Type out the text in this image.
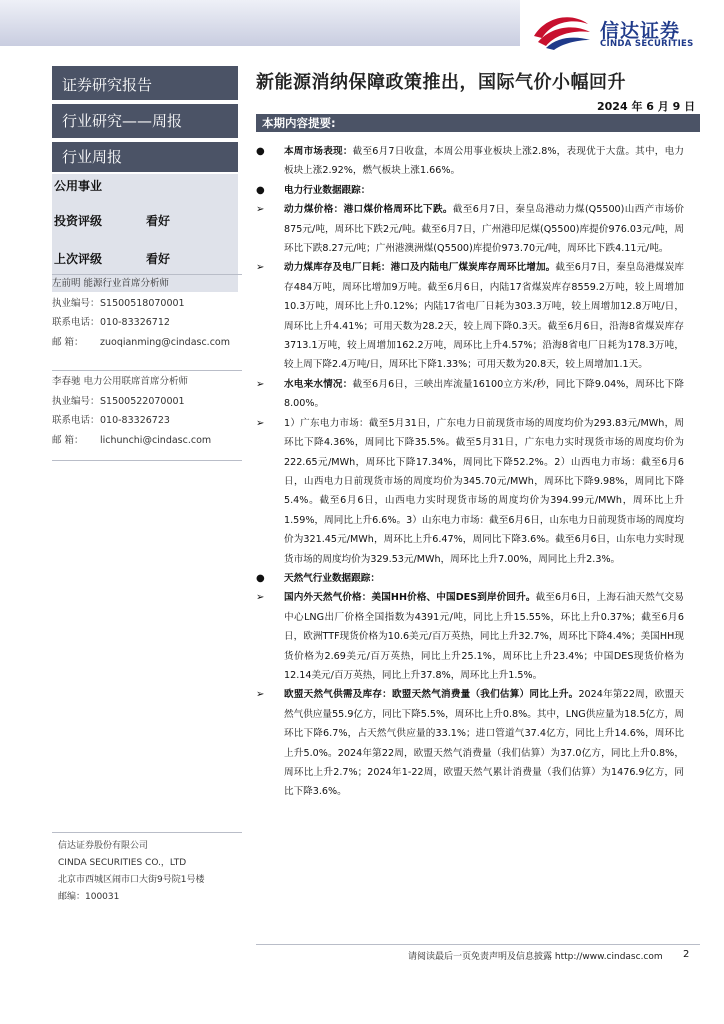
信达证券
CINDA SECURITIES
证券研究报告
行业研究——周报
行业周报
公用事业
投资评级	看好
上次评级	看好
左前明 能源行业首席分析师
执业编号：S1500518070001
联系电话：010-83326712
邮 箱： zuoqianming@cindasc.com
李春驰 电力公用联席首席分析师
执业编号：S1500522070001
联系电话：010-83326723
邮 箱： lichunchi@cindasc.com
信达证券股份有限公司
CINDA SECURITIES CO.，LTD
北京市西城区闹市口大街9号院1号楼
邮编：100031
新能源消纳保障政策推出，国际气价小幅回升
2024 年 6 月 9 日
本期内容提要:
●	本周市场表现：截至6月7日收盘，本周公用事业板块上涨2.8%，表现优于大盘。其中，电力板块上涨2.92%，燃气板块上涨1.66%。
●	电力行业数据跟踪：
➢	动力煤价格：港口煤价格周环比下跌。截至6月7日，秦皇岛港动力煤(Q5500)山西产市场价875元/吨，周环比下跌2元/吨。截至6月7日，广州港印尼煤(Q5500)库提价976.03元/吨，周环比下跌8.27元/吨；广州港澳洲煤(Q5500)库提价973.70元/吨，周环比下跌4.11元/吨。
➢	动力煤库存及电厂日耗：港口及内陆电厂煤炭库存周环比增加。截至6月7日，秦皇岛港煤炭库存484万吨，周环比增加9万吨。截至6月6日，内陆17省煤炭库存8559.2万吨，较上周增加10.3万吨，周环比上升0.12%；内陆17省电厂日耗为303.3万吨，较上周增加12.8万吨/日，周环比上升4.41%；可用天数为28.2天，较上周下降0.3天。截至6月6日，沿海8省煤炭库存3713.1万吨，较上周增加162.2万吨，周环比上升4.57%；沿海8省电厂日耗为178.3万吨，较上周下降2.4万吨/日，周环比下降1.33%；可用天数为20.8天，较上周增加1.1天。
➢	水电来水情况：截至6月6日，三峡出库流量16100立方米/秒，同比下降9.04%，周环比下降8.00%。
➢	1）广东电力市场：截至5月31日，广东电力日前现货市场的周度均价为293.83元/MWh，周环比下降4.36%，周同比下降35.5%。截至5月31日，广东电力实时现货市场的周度均价为222.65元/MWh，周环比下降17.34%，周同比下降52.2%。2）山西电力市场：截至6月6日，山西电力日前现货市场的周度均价为345.70元/MWh，周环比下降9.98%，周同比下降5.4%。截至6月6日，山西电力实时现货市场的周度均价为394.99元/MWh，周环比上升1.59%，周同比上升6.6%。3）山东电力市场：截至6月6日，山东电力日前现货市场的周度均价为321.45元/MWh，周环比上升6.47%，周同比下降3.6%。截至6月6日，山东电力实时现货市场的周度均价为329.53元/MWh，周环比上升7.00%，周同比上升2.3%。
●	天然气行业数据跟踪：
➢	国内外天然气价格：美国HH价格、中国DES到岸价回升。截至6月6日，上海石油天然气交易中心LNG出厂价格全国指数为4391元/吨，同比上升15.55%，环比上升0.37%；截至6月6日，欧洲TTF现货价格为10.6美元/百万英热，同比上升32.7%，周环比下降4.4%；美国HH现货价格为2.69美元/百万英热，同比上升25.1%，周环比上升23.4%；中国DES现货价格为12.14美元/百万英热，同比上升37.8%，周环比上升1.5%。
➢	欧盟天然气供需及库存：欧盟天然气消费量（我们估算）同比上升。2024年第22周，欧盟天然气供应量55.9亿方，同比下降5.5%，周环比上升0.8%。其中，LNG供应量为18.5亿方，周环比下降6.7%，占天然气供应量的33.1%；进口管道气37.4亿方，同比上升14.6%，周环比上升5.0%。2024年第22周，欧盟天然气消费量（我们估算）为37.0亿方，同比上升0.8%，周环比上升2.7%；2024年1-22周，欧盟天然气累计消费量（我们估算）为1476.9亿方，同比下降3.6%。
请阅读最后一页免责声明及信息披露 http://www.cindasc.com 2
